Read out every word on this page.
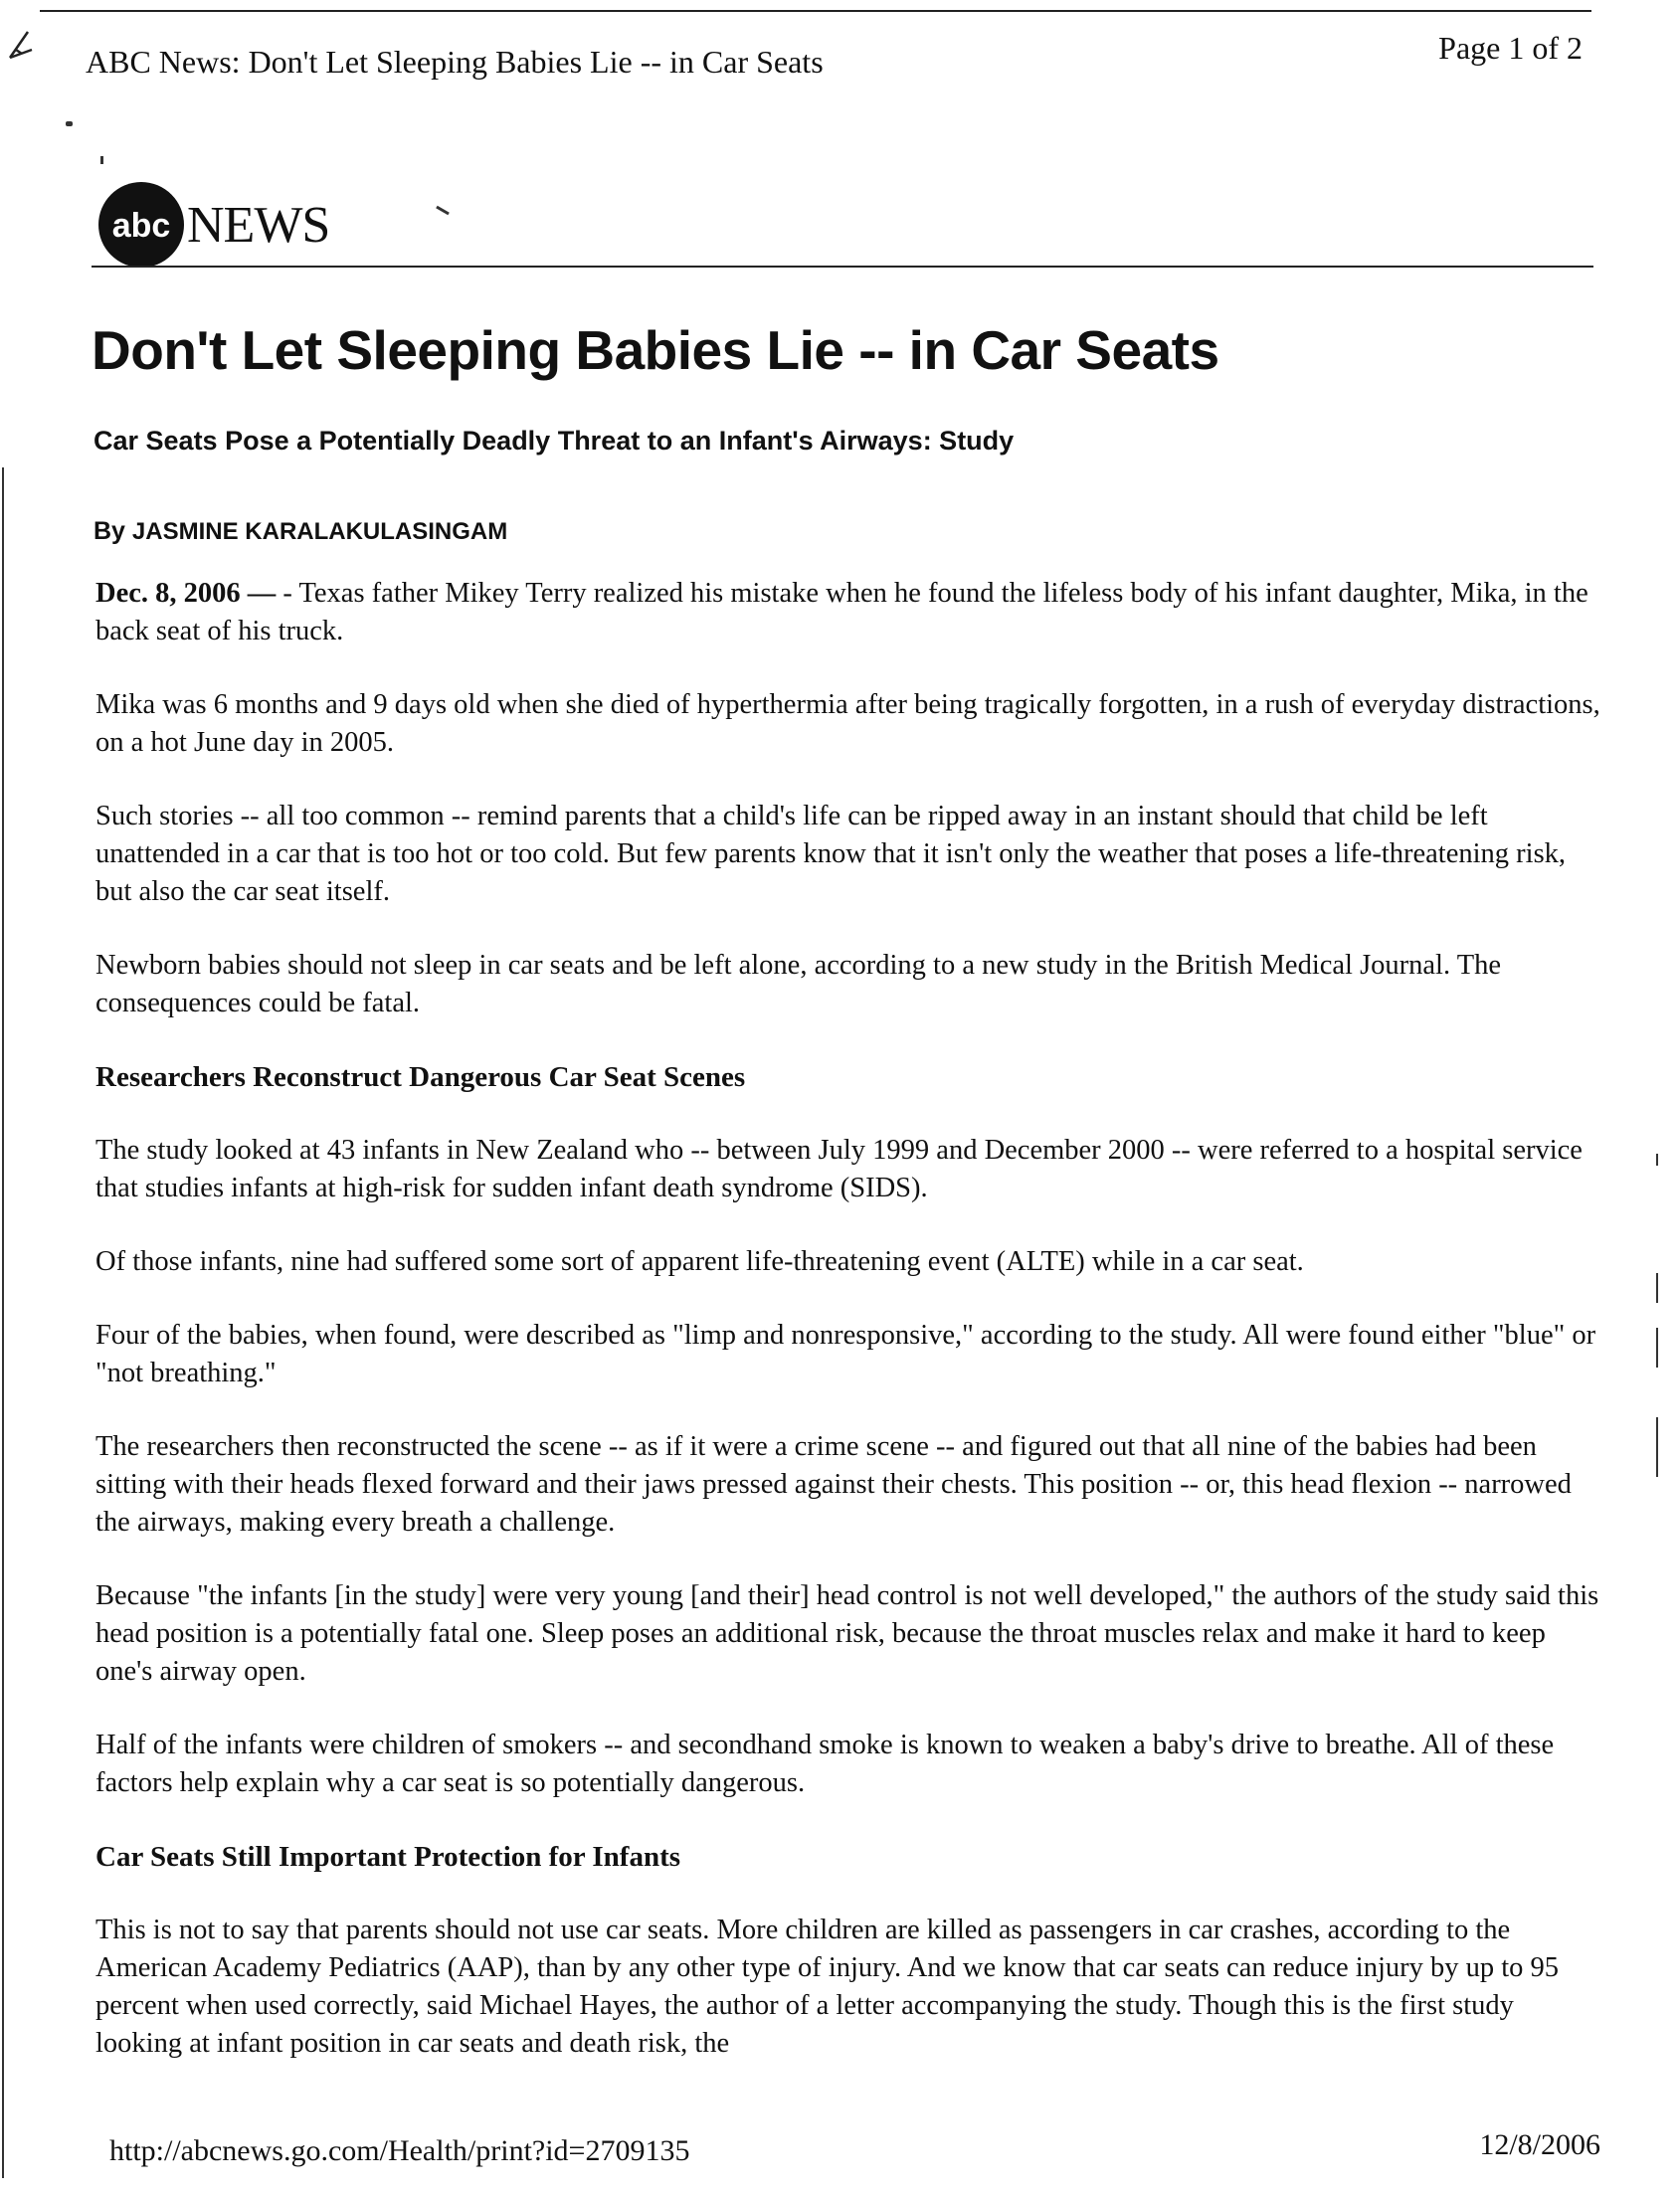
ABC News: Don't Let Sleeping Babies Lie -- in Car Seats	Page 1 of 2
abc NEWS
Don't Let Sleeping Babies Lie -- in Car Seats
Car Seats Pose a Potentially Deadly Threat to an Infant's Airways: Study
By JASMINE KARALAKULASINGAM

Dec. 8, 2006 — - Texas father Mikey Terry realized his mistake when he found the lifeless body of his infant daughter, Mika, in the back seat of his truck.

Mika was 6 months and 9 days old when she died of hyperthermia after being tragically forgotten, in a rush of everyday distractions, on a hot June day in 2005.

Such stories -- all too common -- remind parents that a child's life can be ripped away in an instant should that child be left unattended in a car that is too hot or too cold. But few parents know that it isn't only the weather that poses a life-threatening risk, but also the car seat itself.

Newborn babies should not sleep in car seats and be left alone, according to a new study in the British Medical Journal. The consequences could be fatal.

Researchers Reconstruct Dangerous Car Seat Scenes

The study looked at 43 infants in New Zealand who -- between July 1999 and December 2000 -- were referred to a hospital service that studies infants at high-risk for sudden infant death syndrome (SIDS).

Of those infants, nine had suffered some sort of apparent life-threatening event (ALTE) while in a car seat.

Four of the babies, when found, were described as "limp and nonresponsive," according to the study. All were found either "blue" or "not breathing."

The researchers then reconstructed the scene -- as if it were a crime scene -- and figured out that all nine of the babies had been sitting with their heads flexed forward and their jaws pressed against their chests. This position -- or, this head flexion -- narrowed the airways, making every breath a challenge.

Because "the infants [in the study] were very young [and their] head control is not well developed," the authors of the study said this head position is a potentially fatal one. Sleep poses an additional risk, because the throat muscles relax and make it hard to keep one's airway open.

Half of the infants were children of smokers -- and secondhand smoke is known to weaken a baby's drive to breathe. All of these factors help explain why a car seat is so potentially dangerous.

Car Seats Still Important Protection for Infants

This is not to say that parents should not use car seats. More children are killed as passengers in car crashes, according to the American Academy Pediatrics (AAP), than by any other type of injury. And we know that car seats can reduce injury by up to 95 percent when used correctly, said Michael Hayes, the author of a letter accompanying the study. Though this is the first study looking at infant position in car seats and death risk, the

http://abcnews.go.com/Health/print?id=2709135	12/8/2006
